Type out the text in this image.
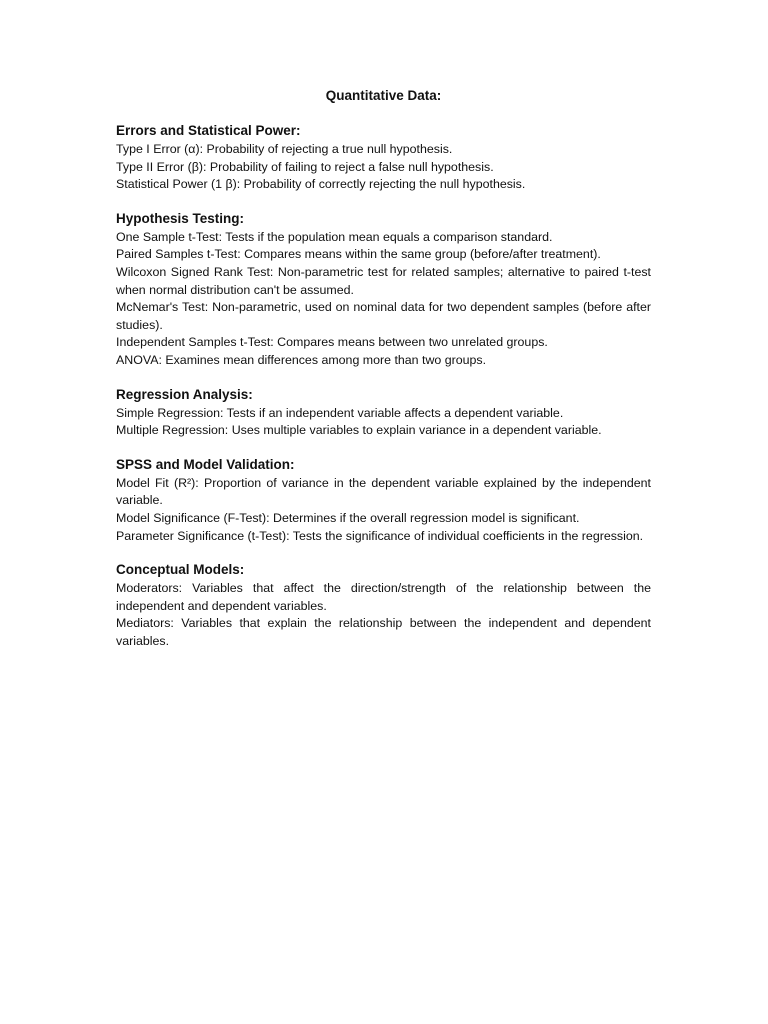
Quantitative Data:
Errors and Statistical Power:

Type I Error (α): Probability of rejecting a true null hypothesis.

Type II Error (β): Probability of failing to reject a false null hypothesis.

Statistical Power (1 β): Probability of correctly rejecting the null hypothesis.

Hypothesis Testing:

One Sample t-Test: Tests if the population mean equals a comparison standard.

Paired Samples t-Test: Compares means within the same group (before/after treatment).

Wilcoxon Signed Rank Test: Non-parametric test for related samples; alternative to paired t-test when normal distribution can't be assumed.

McNemar's Test: Non-parametric, used on nominal data for two dependent samples (before after studies).

Independent Samples t-Test: Compares means between two unrelated groups.

ANOVA: Examines mean differences among more than two groups.

Regression Analysis:

Simple Regression: Tests if an independent variable affects a dependent variable.

Multiple Regression: Uses multiple variables to explain variance in a dependent variable.

SPSS and Model Validation:

Model Fit (R²): Proportion of variance in the dependent variable explained by the independent variable.

Model Significance (F-Test): Determines if the overall regression model is significant.

Parameter Significance (t-Test): Tests the significance of individual coefficients in the regression.

Conceptual Models:

Moderators: Variables that affect the direction/strength of the relationship between the independent and dependent variables.

Mediators: Variables that explain the relationship between the independent and dependent variables.
